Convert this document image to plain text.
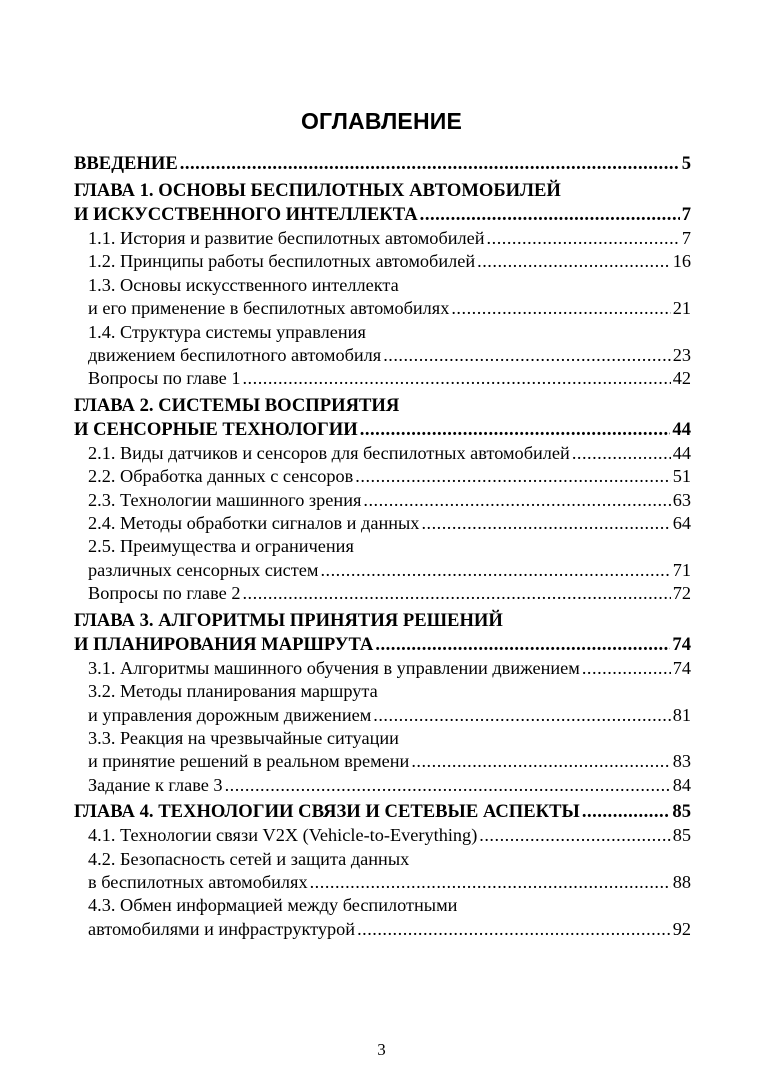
ОГЛАВЛЕНИЕ
ВВЕДЕНИЕ .....	5
ГЛАВА 1. ОСНОВЫ БЕСПИЛОТНЫХ АВТОМОБИЛЕЙ
И ИСКУССТВЕННОГО ИНТЕЛЛЕКТА .....	7
1.1. История и развитие беспилотных автомобилей .....	7
1.2. Принципы работы беспилотных автомобилей .....	16
1.3. Основы искусственного интеллекта
и его применение в беспилотных автомобилях .....	21
1.4. Структура системы управления
движением беспилотного автомобиля .....	23
Вопросы по главе 1 .....	42
ГЛАВА 2. СИСТЕМЫ ВОСПРИЯТИЯ
И СЕНСОРНЫЕ ТЕХНОЛОГИИ .....	44
2.1. Виды датчиков и сенсоров для беспилотных автомобилей .....	44
2.2. Обработка данных с сенсоров .....	51
2.3. Технологии машинного зрения .....	63
2.4. Методы обработки сигналов и данных .....	64
2.5. Преимущества и ограничения
различных сенсорных систем .....	71
Вопросы по главе 2 .....	72
ГЛАВА 3. АЛГОРИТМЫ ПРИНЯТИЯ РЕШЕНИЙ
И ПЛАНИРОВАНИЯ МАРШРУТА .....	74
3.1. Алгоритмы машинного обучения в управлении движением .....	74
3.2. Методы планирования маршрута
и управления дорожным движением .....	81
3.3. Реакция на чрезвычайные ситуации
и принятие решений в реальном времени .....	83
Задание к главе 3 .....	84
ГЛАВА 4. ТЕХНОЛОГИИ СВЯЗИ И СЕТЕВЫЕ АСПЕКТЫ .....	85
4.1. Технологии связи V2X (Vehicle-to-Everything) .....	85
4.2. Безопасность сетей и защита данных
в беспилотных автомобилях .....	88
4.3. Обмен информацией между беспилотными
автомобилями и инфраструктурой .....	92
3
